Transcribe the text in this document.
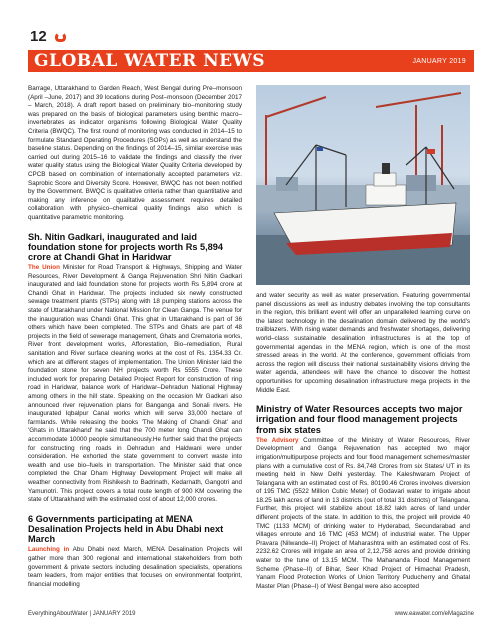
12
GLOBAL WATER NEWS	JANUARY 2019

Barrage, Uttarakhand to Garden Reach, West Bengal during Pre–monsoon (April –June, 2017) and 39 locations during Post–monsoon (December 2017 – March, 2018). A draft report based on preliminary bio–monitoring study was prepared on the basis of biological parameters using benthic macro–invertebrates as indicator organisms following Biological Water Quality Criteria (BWQC). The first round of monitoring was conducted in 2014–15 to formulate Standard Operating Procedures (SOPs) as well as understand the baseline status. Depending on the findings of 2014–15, similar exercise was carried out during 2015–16 to validate the findings and classify the river water quality status using the Biological Water Quality Criteria developed by CPCB based on combination of internationally accepted parameters viz. Saprobic Score and Diversity Score. However, BWQC has not been notified by the Government. BWQC is qualitative criteria rather than quantitative and making any inference on qualitative assessment requires detailed collaboration with physico–chemical quality findings also which is quantitative parametric monitoring.

Sh. Nitin Gadkari, inaugurated and laid foundation stone for projects worth Rs 5,894 crore at Chandi Ghat in Haridwar

The Union Minister for Road Transport & Highways, Shipping and Water Resources, River Development & Ganga Rejuvenation Shri Nitin Gadkari inaugurated and laid foundation stone for projects worth Rs 5,894 crore at Chandi Ghat in Haridwar. The projects included six newly constructed sewage treatment plants (STPs) along with 18 pumping stations across the state of Uttarakhand under National Mission for Clean Ganga. The venue for the inauguration was Chandi Ghat. This ghat in Uttarakhand is part of 36 others which have been completed. The STPs and Ghats are part of 48 projects in the field of sewerage management, Ghats and Crematoria works, River front development works, Afforestation, Bio–remediation, Rural sanitation and River surface cleaning works at the cost of Rs. 1354.33 Cr. which are at different stages of implementation. The Union Minister laid the foundation stone for seven NH projects worth Rs 5555 Crore. These included work for preparing Detailed Project Report for construction of ring road in Haridwar, balance work of Haridwar–Dehradun National Highway among others in the hill state. Speaking on the occasion Mr Gadkari also announced river rejuvenation plans for Banganga and Sonali rivers. He inaugurated Iqbalpur Canal works which will serve 33,000 hectare of farmlands. While releasing the books 'The Making of Chandi Ghat' and 'Ghats in Uttarakhand' he said that the 700 meter long Chandi Ghat can accommodate 10000 people simultaneously.He further said that the projects for constructing ring roads in Dehradun and Haldwani were under consideration. He exhorted the state government to convert waste into wealth and use bio–fuels in transportation. The Minister said that once completed the Char Dham Highway Development Project will make all weather connectivity from Rishikesh to Badrinath, Kedarnath, Gangotri and Yamunotri. This project covers a total route length of 900 KM covering the state of Uttarakhand with the estimated cost of about 12,000 crores.

6 Governments participating at MENA Desalination Projects held in Abu Dhabi next March

Launching in Abu Dhabi next March, MENA Desalination Projects will gather more than 300 regional and international stakeholders from both government & private sectors including desalination specialists, operations team leaders, from major entities that focuses on environmental footprint, financial modelling

and water security as well as water preservation. Featuring governmental panel discussions as well as industry debates involving the top consultants in the region, this brilliant event will offer an unparalleled learning curve on the latest technology in the desalination domain delivered by the world's trailblazers. With rising water demands and freshwater shortages, delivering world–class sustainable desalination infrastructures is at the top of governmental agendas in the MENA region, which is one of the most stressed areas in the world. At the conference, government officials from across the region will discuss their national sustainability visions driving the water agenda, attendees will have the chance to discover the hottest opportunities for upcoming desalination infrastructure mega projects in the Middle East.

Ministry of Water Resources accepts two major irrigation and four flood management projects from six states

The Advisory Committee of the Ministry of Water Resources, River Development and Ganga Rejuvenation has accepted two major irrigation/multipurpose projects and four flood management schemes/master plans with a cumulative cost of Rs. 84,748 Crores from six States/ UT in its meeting held in New Delhi yesterday. The Kaleshwaram Project of Telangana with an estimated cost of Rs. 80190.46 Crores involves diversion of 195 TMC (5522 Million Cubic Meter) of Godavari water to irrigate about 18.25 lakh acres of land in 13 districts (out of total 31 districts) of Telangana. Further, this project will stabilize about 18.82 lakh acres of land under different projects of the state. In addition to this, the project will provide 40 TMC (1133 MCM) of drinking water to Hyderabad, Secundarabad and villages enroute and 16 TMC (453 MCM) of industrial water. The Upper Pravara (Nilwande–II) Project of Maharashtra with an estimated cost of Rs. 2232.62 Crores will irrigate an area of 2,12,758 acres and provide drinking water to the tune of 13.15 MCM. The Mahananda Flood Management Scheme (Phase–II) of Bihar, Seer Khad Project of Himachal Pradesh, Yanam Flood Protection Works of Union Territory Puducherry and Ghatal Master Plan (Phase–I) of West Bengal were also accepted

EverythingAboutWater | JANUARY 2019	www.eawater.com/eMagazine
